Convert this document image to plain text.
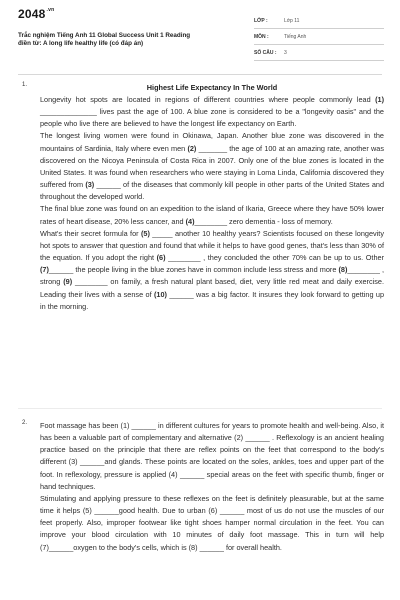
$2048^{.vn}$
Trắc nghiệm Tiếng Anh 11 Global Success Unit 1 Reading
điền từ: A long life healthy life (có đáp án)
LỚP :	Lớp 11
MÔN :	Tiếng Anh
SỐ CÂU :	3
1.	Highest Life Expectancy In The World

Longevity hot spots are located in regions of different countries where people commonly lead (1) ______________ lives past the age of 100. A blue zone is considered to be a "longevity oasis" and the people who live there are believed to have the longest life expectancy on Earth.

The longest living women were found in Okinawa, Japan. Another blue zone was discovered in the mountains of Sardinia, Italy where even men (2) _______ the age of 100 at an amazing rate, another was discovered on the Nicoya Peninsula of Costa Rica in 2007. Only one of the blue zones is located in the United States. It was found when researchers who were staying in Loma Linda, California discovered they suffered from (3) ______ of the diseases that commonly kill people in other parts of the United States and throughout the developed world.

The final blue zone was found on an expedition to the island of Ikaria, Greece where they have 50% lower rates of heart disease, 20% less cancer, and (4)________ zero dementia - loss of memory.

What's their secret formula for (5) _____ another 10 healthy years? Scientists focused on these longevity hot spots to answer that question and found that while it helps to have good genes, that's less than 30% of the equation. If you adopt the right (6) ________ , they concluded the other 70% can be up to us. Other (7)______ the people living in the blue zones have in common include less stress and more (8)________ , strong (9) ________ on family, a fresh natural plant based, diet, very little red meat and daily exercise. Leading their lives with a sense of (10) ______ was a big factor. It insures they look forward to getting up in the morning.

2. Foot massage has been (1) ______ in different cultures for years to promote health and well-being. Also, it has been a valuable part of complementary and alternative (2) ______ . Reflexology is an ancient healing practice based on the principle that there are reflex points on the feet that correspond to the body's different (3) ______and glands. These points are located on the soles, ankles, toes and upper part of the foot. In reflexology, pressure is applied (4) ______ special areas on the feet with specific thumb, finger or hand techniques.

Stimulating and applying pressure to these reflexes on the feet is definitely pleasurable, but at the same time it helps (5) ______good health. Due to urban (6) ______ most of us do not use the muscles of our feet properly. Also, improper footwear like tight shoes hamper normal circulation in the feet. You can improve your blood circulation with 10 minutes of daily foot massage. This in turn will help (7)______oxygen to the body's cells, which is (8) ______ for overall health.
